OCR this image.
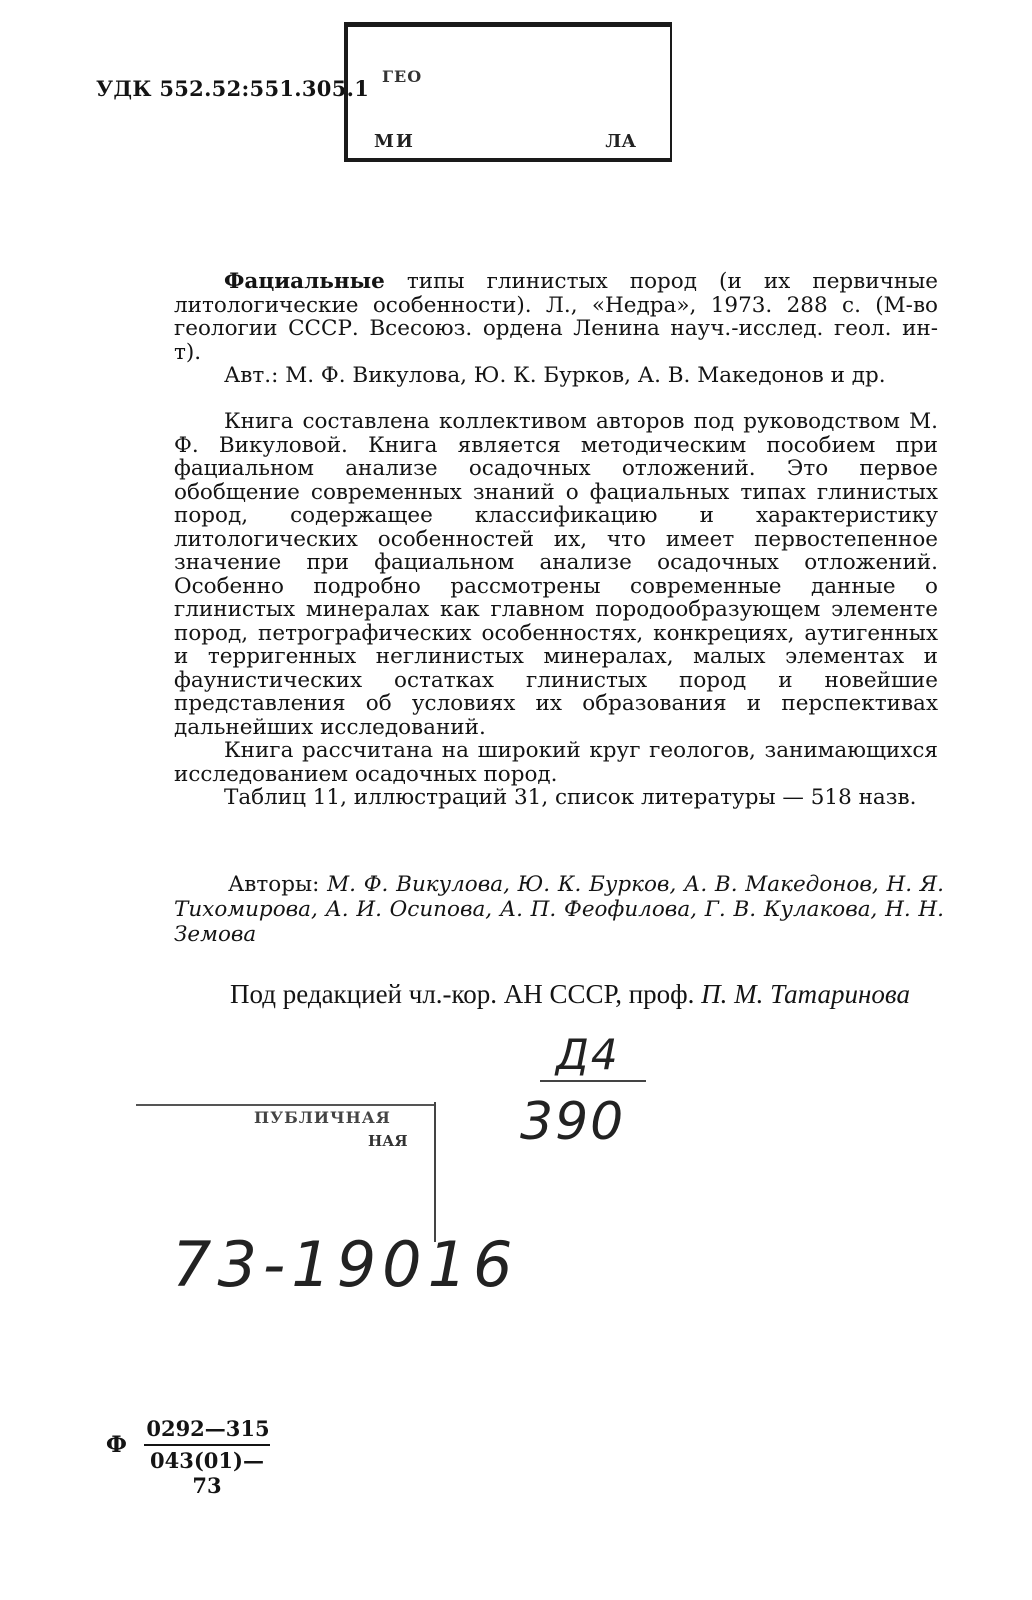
УДК 552.52:551.305.1 ГЕО
МИ	ЛА

Фациальные типы глинистых пород (и их первичные литологические особенности). Л., «Недра», 1973. 288 с. (М-во геологии СССР. Всесоюз. ордена Ленина науч.-исслед. геол. ин-т).

Авт.: М. Ф. Викулова, Ю. К. Бурков, А. В. Македонов и др.

Книга составлена коллективом авторов под руководством М. Ф. Викуловой. Книга является методическим пособием при фациальном анализе осадочных отложений. Это первое обобщение современных знаний о фациальных типах глинистых пород, содержащее классификацию и характеристику литологических особенностей их, что имеет первостепенное значение при фациальном анализе осадочных отложений. Особенно подробно рассмотрены современные данные о глинистых минералах как главном породообразующем элементе пород, петрографических особенностях, конкрециях, аутигенных и терригенных неглинистых минералах, малых элементах и фаунистических остатках глинистых пород и новейшие представления об условиях их образования и перспективах дальнейших исследований.

Книга рассчитана на широкий круг геологов, занимающихся исследованием осадочных пород.

Таблиц 11, иллюстраций 31, список литературы — 518 назв.

Авторы: М. Ф. Викулова, Ю. К. Бурков, А. В. Македонов, Н. Я. Тихомирова, А. И. Осипова, А. П. Феофилова, Г. В. Кулакова, Н. Н. Земова
Под редакцией чл.-кор. АН СССР, проф. П. М. Татаринова
Д4
390
ПУБЛИЧНАЯ
НАЯ
73-19016
Ф
0292—315
043(01)—73
